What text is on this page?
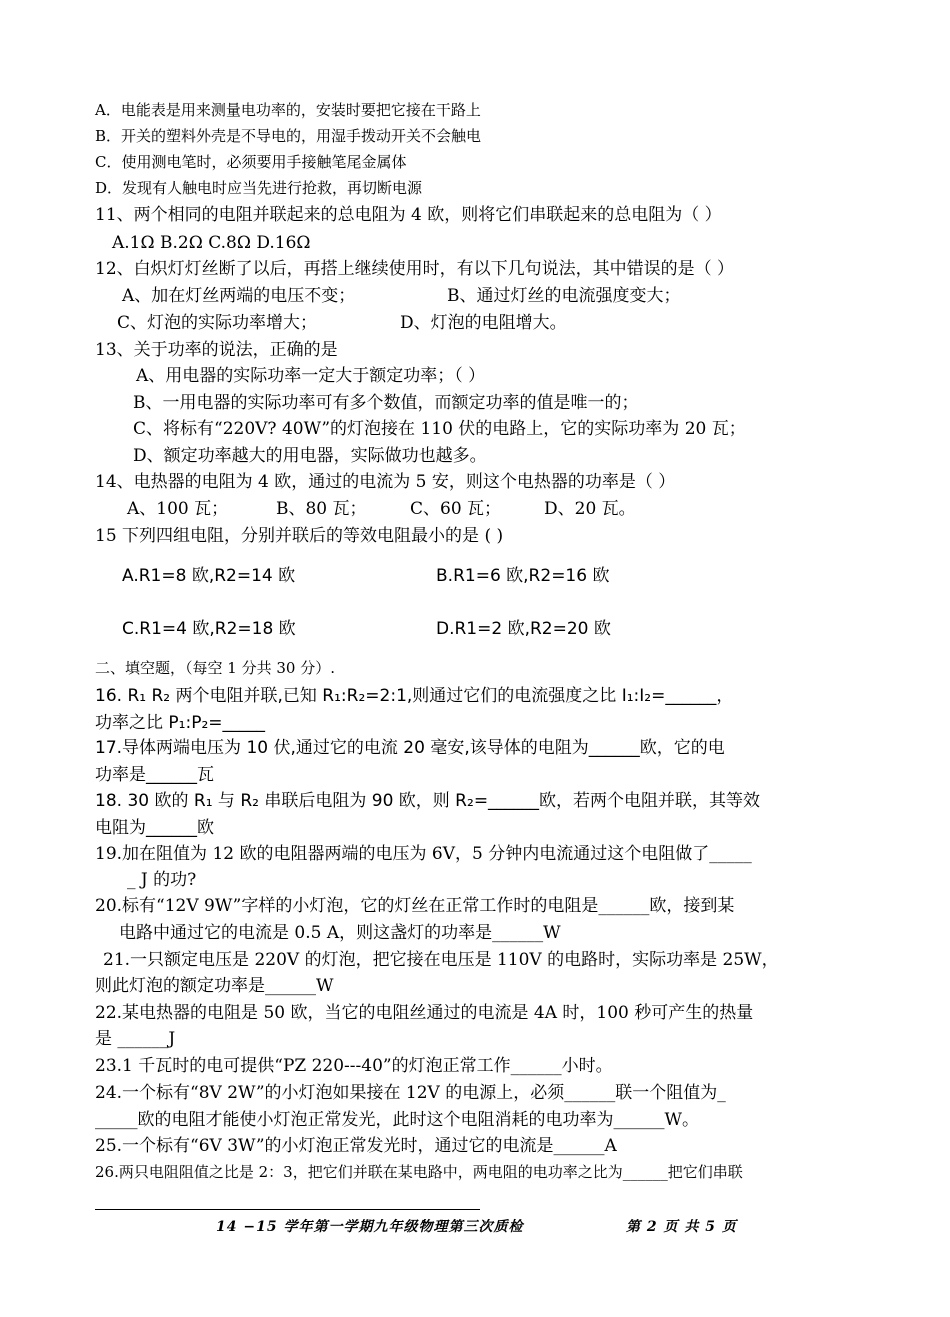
A．电能表是用来测量电功率的，安装时要把它接在干路上
B．开关的塑料外壳是不导电的，用湿手拨动开关不会触电
C．使用测电笔时，必须要用手接触笔尾金属体
D．发现有人触电时应当先进行抢救，再切断电源
11、两个相同的电阻并联起来的总电阻为 4 欧，则将它们串联起来的总电阻为（ ）
A.1Ω B.2Ω C.8Ω D.16Ω
12、白炽灯灯丝断了以后，再搭上继续使用时，有以下几句说法，其中错误的是（ ）
A、加在灯丝两端的电压不变；	B、通过灯丝的电流强度变大；
C、灯泡的实际功率增大；	D、灯泡的电阻增大。
13、关于功率的说法，正确的是
A、用电器的实际功率一定大于额定功率；（ ）
B、一用电器的实际功率可有多个数值，而额定功率的值是唯一的；
C、将标有“220V? 40W”的灯泡接在 110 伏的电路上，它的实际功率为 20 瓦；
D、额定功率越大的用电器，实际做功也越多。
14、电热器的电阻为 4 欧，通过的电流为 5 安，则这个电热器的功率是（ ）
A、100 瓦；	B、80 瓦；	C、60 瓦；	D、20 瓦。
15 下列四组电阻，分别并联后的等效电阻最小的是 ( )
A.R1=8 欧,R2=14 欧	B.R1=6 欧,R2=16 欧
C.R1=4 欧,R2=18 欧	D.R1=2 欧,R2=20 欧
二、填空题，（每空 1 分共 30 分）.
16. R₁ R₂ 两个电阻并联,已知 R₁:R₂=2:1,则通过它们的电流强度之比 I₁:I₂=______，
功率之比 P₁:P₂=_____
17.导体两端电压为 10 伏,通过它的电流 20 毫安,该导体的电阻为______欧，它的电
功率是______瓦
18. 30 欧的 R₁ 与 R₂ 串联后电阻为 90 欧，则 R₂=______欧，若两个电阻并联，其等效
电阻为______欧
19.加在阻值为 12 欧的电阻器两端的电压为 6V，5 分钟内电流通过这个电阻做了_____
_ J 的功?
20.标有“12V 9W”字样的小灯泡，它的灯丝在正常工作时的电阻是______欧，接到某
电路中通过它的电流是 0.5 A，则这盏灯的功率是______W
21.一只额定电压是 220V 的灯泡，把它接在电压是 110V 的电路时，实际功率是 25W，
则此灯泡的额定功率是______W
22.某电热器的电阻是 50 欧，当它的电阻丝通过的电流是 4A 时，100 秒可产生的热量
是 ______J
23.1 千瓦时的电可提供“PZ 220---40”的灯泡正常工作______小时。
24.一个标有“8V 2W”的小灯泡如果接在 12V 的电源上，必须______联一个阻值为_
_____欧的电阻才能使小灯泡正常发光，此时这个电阻消耗的电功率为______W。
25.一个标有“6V 3W”的小灯泡正常发光时，通过它的电流是______A
26.两只电阻阻值之比是 2：3，把它们并联在某电路中，两电阻的电功率之比为______把它们串联
14 −15 学年第一学期九年级物理第三次质检	第 2 页 共 5 页
